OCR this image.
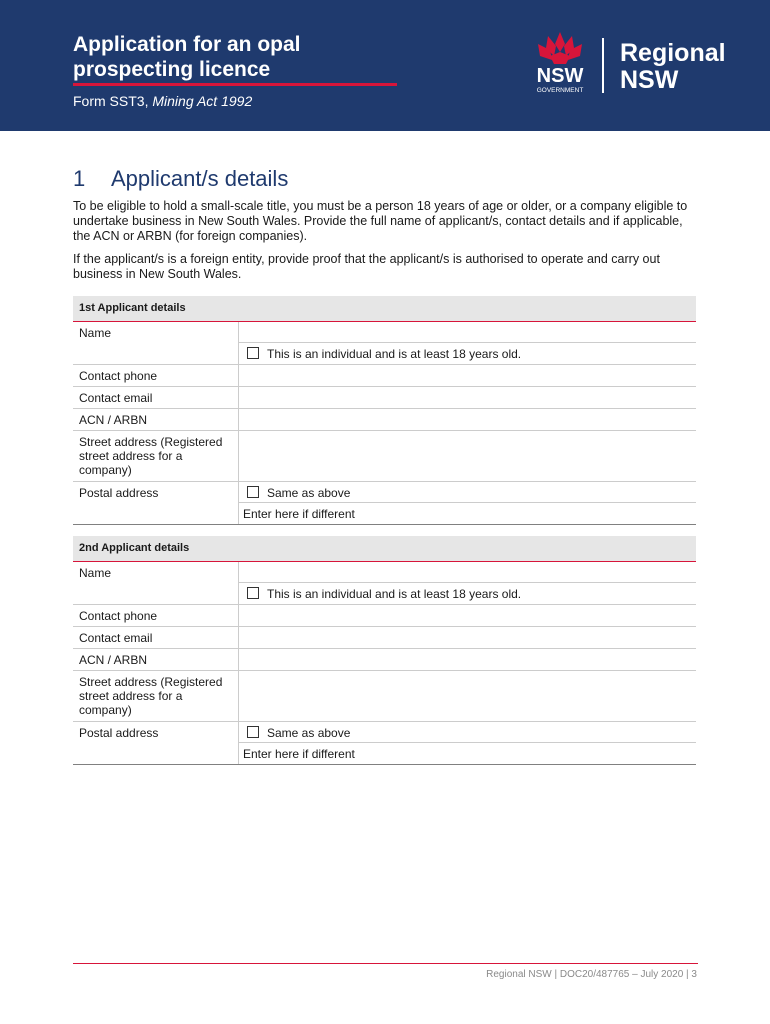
Application for an opal prospecting licence
Form SST3, Mining Act 1992
NSW
GOVERNMENT
Regional
NSW
1 Applicant/s details
To be eligible to hold a small-scale title, you must be a person 18 years of age or older, or a company eligible to undertake business in New South Wales. Provide the full name of applicant/s, contact details and if applicable, the ACN or ARBN (for foreign companies).
If the applicant/s is a foreign entity, provide proof that the applicant/s is authorised to operate and carry out business in New South Wales.
1st Applicant details
Name
This is an individual and is at least 18 years old.
Contact phone
Contact email
ACN / ARBN
Street address (Registered street address for a company)
Postal address	Same as above
Enter here if different
2nd Applicant details
Name
This is an individual and is at least 18 years old.
Contact phone
Contact email
ACN / ARBN
Street address (Registered street address for a company)
Postal address	Same as above
Enter here if different
Regional NSW | DOC20/487765 – July 2020 | 3
